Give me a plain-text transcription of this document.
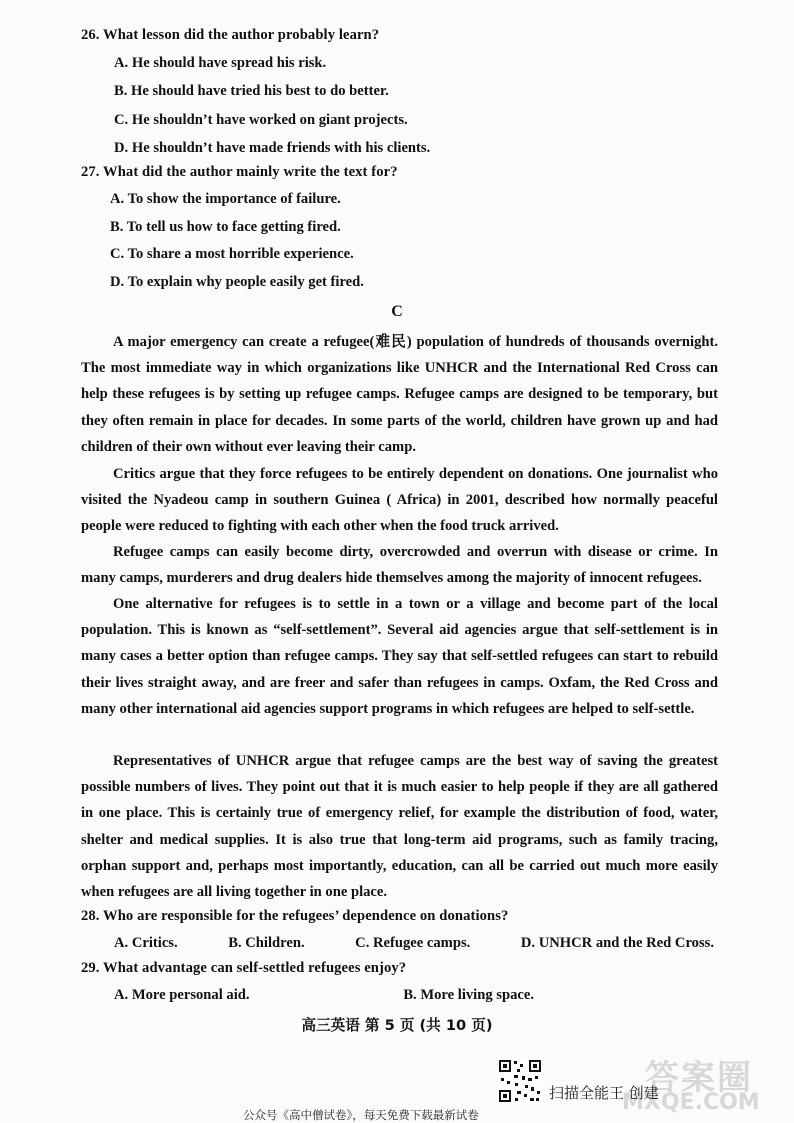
26. What lesson did the author probably learn?
A. He should have spread his risk.
B. He should have tried his best to do better.
C. He shouldn’t have worked on giant projects.
D. He shouldn’t have made friends with his clients.
27. What did the author mainly write the text for?
A. To show the importance of failure.
B. To tell us how to face getting fired.
C. To share a most horrible experience.
D. To explain why people easily get fired.
C
A major emergency can create a refugee(难民) population of hundreds of thousands overnight. The most immediate way in which organizations like UNHCR and the International Red Cross can help these refugees is by setting up refugee camps. Refugee camps are designed to be temporary, but they often remain in place for decades. In some parts of the world, children have grown up and had children of their own without ever leaving their camp.
Critics argue that they force refugees to be entirely dependent on donations. One journalist who visited the Nyadeou camp in southern Guinea ( Africa) in 2001, described how normally peaceful people were reduced to fighting with each other when the food truck arrived.
Refugee camps can easily become dirty, overcrowded and overrun with disease or crime. In many camps, murderers and drug dealers hide themselves among the majority of innocent refugees.
One alternative for refugees is to settle in a town or a village and become part of the local population. This is known as “self-settlement”. Several aid agencies argue that self-settlement is in many cases a better option than refugee camps. They say that self-settled refugees can start to rebuild their lives straight away, and are freer and safer than refugees in camps. Oxfam, the Red Cross and many other international aid agencies support programs in which refugees are helped to self-settle.
Representatives of UNHCR argue that refugee camps are the best way of saving the greatest possible numbers of lives. They point out that it is much easier to help people if they are all gathered in one place. This is certainly true of emergency relief, for example the distribution of food, water, shelter and medical supplies. It is also true that long-term aid programs, such as family tracing, orphan support and, perhaps most importantly, education, can all be carried out much more easily when refugees are all living together in one place.
28. Who are responsible for the refugees’ dependence on donations?
A. Critics.	B. Children.	C. Refugee camps.	D. UNHCR and the Red Cross.
29. What advantage can self-settled refugees enjoy?
A. More personal aid.	B. More living space.
高三英语 第 5 页 (共 10 页)
答案圈
MXQE.COM
扫描全能王 创建
公众号《高中僧试卷》，每天免费下载最新试卷
